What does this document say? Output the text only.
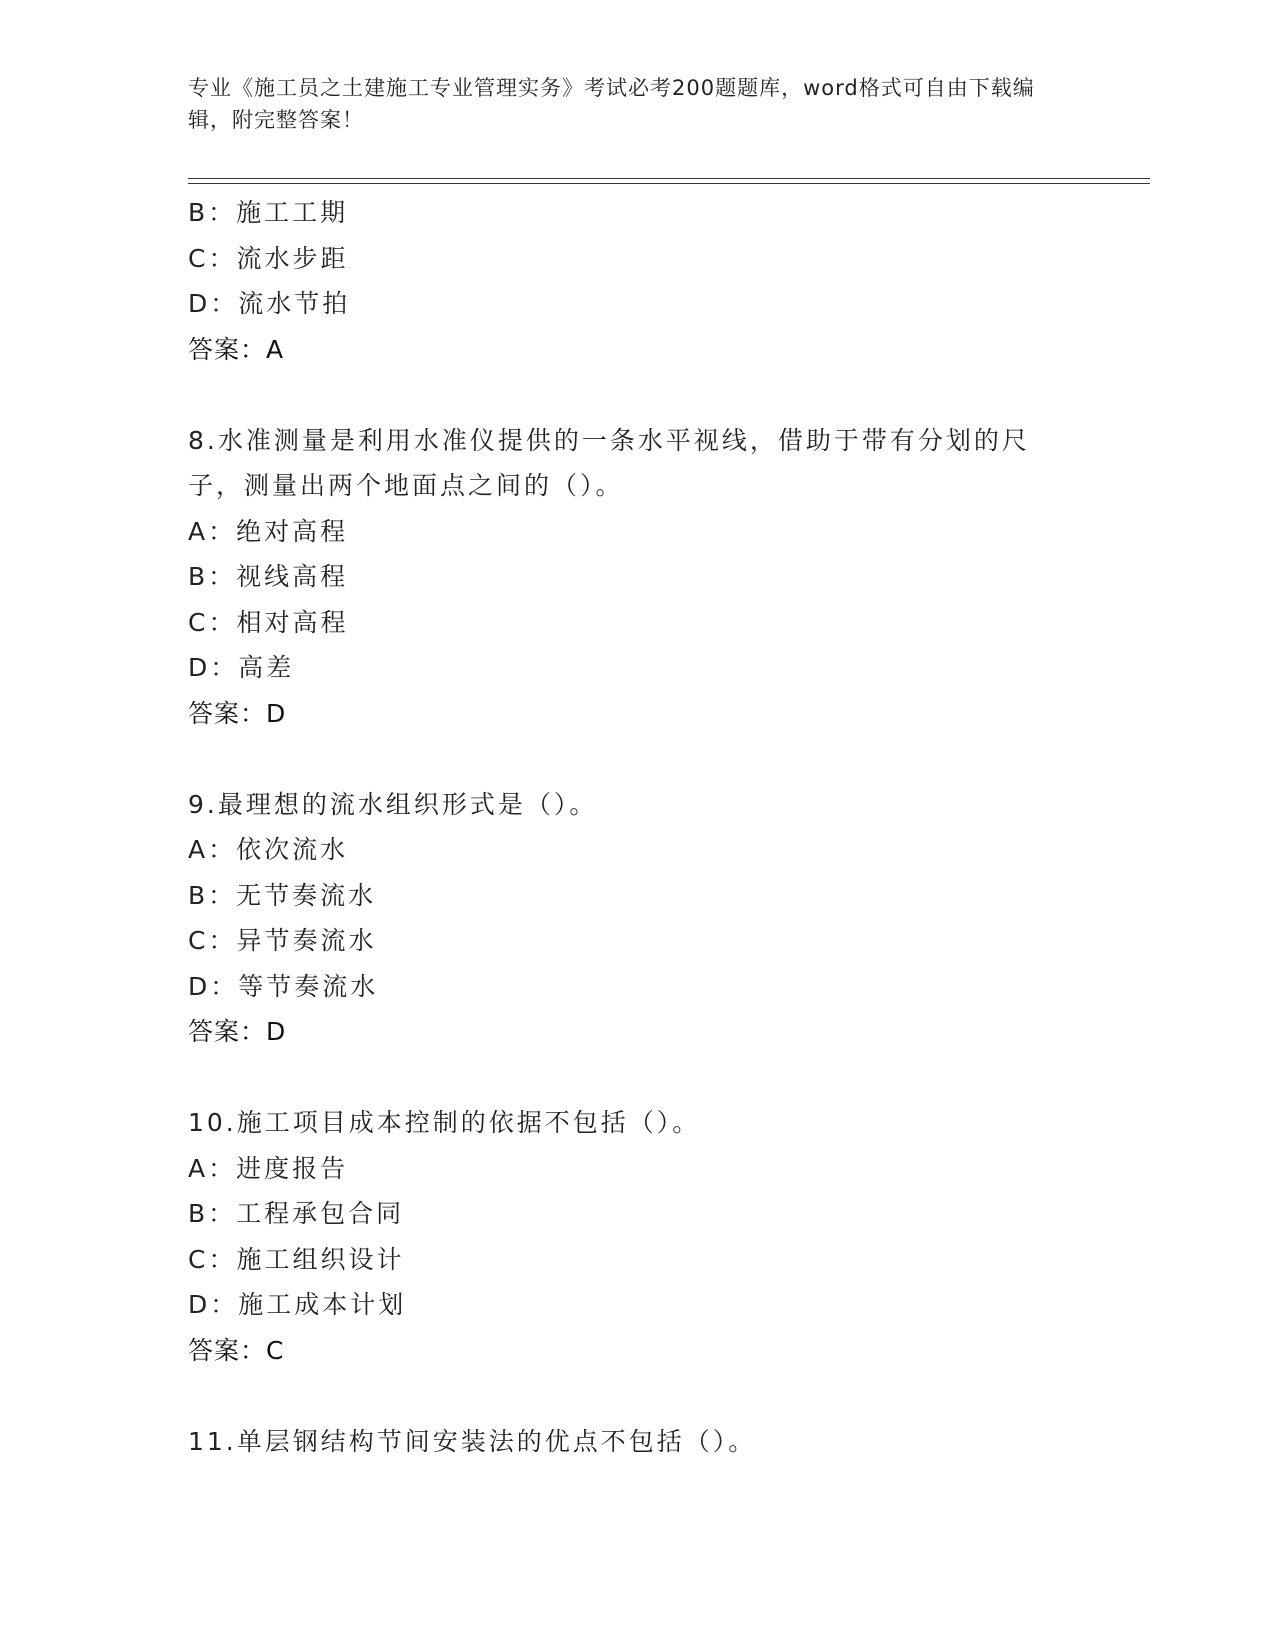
专业《施工员之土建施工专业管理实务》考试必考200题题库，word格式可自由下载编辑，附完整答案！
B：施工工期
C：流水步距
D：流水节拍
答案：A
8.水准测量是利用水准仪提供的一条水平视线，借助于带有分划的尺子，测量出两个地面点之间的（）。
A：绝对高程
B：视线高程
C：相对高程
D：高差
答案：D
9.最理想的流水组织形式是（）。
A：依次流水
B：无节奏流水
C：异节奏流水
D：等节奏流水
答案：D
10.施工项目成本控制的依据不包括（）。
A：进度报告
B：工程承包合同
C：施工组织设计
D：施工成本计划
答案：C
11.单层钢结构节间安装法的优点不包括（）。
